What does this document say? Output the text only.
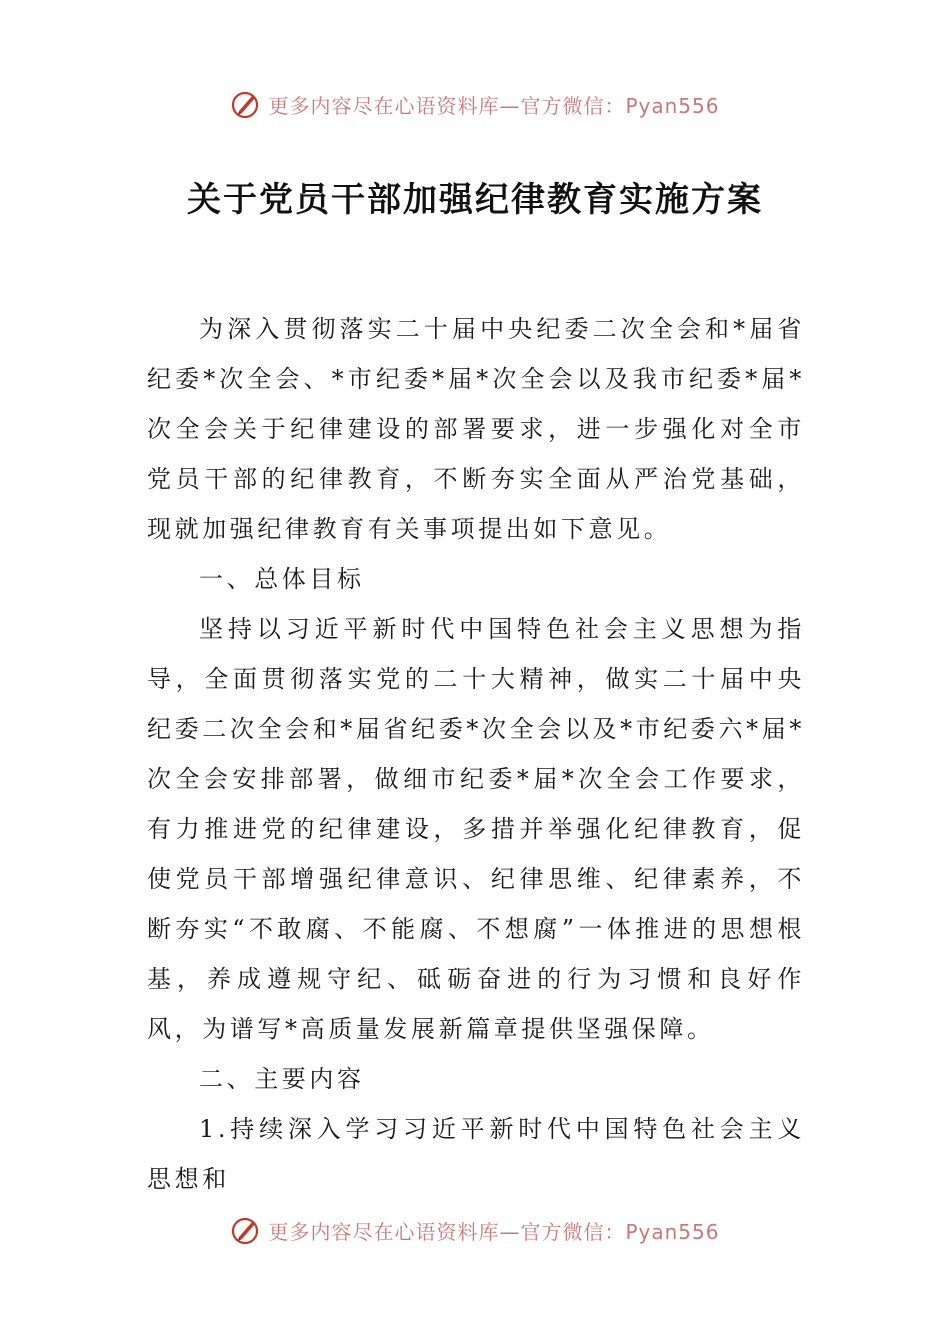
更多内容尽在心语资料库—官方微信：Pyan556
关于党员干部加强纪律教育实施方案

为深入贯彻落实二十届中央纪委二次全会和*届省纪委*次全会、*市纪委*届*次全会以及我市纪委*届*次全会关于纪律建设的部署要求，进一步强化对全市党员干部的纪律教育，不断夯实全面从严治党基础，现就加强纪律教育有关事项提出如下意见。

一、总体目标

坚持以习近平新时代中国特色社会主义思想为指导，全面贯彻落实党的二十大精神，做实二十届中央纪委二次全会和*届省纪委*次全会以及*市纪委六*届*次全会安排部署，做细市纪委*届*次全会工作要求，有力推进党的纪律建设，多措并举强化纪律教育，促使党员干部增强纪律意识、纪律思维、纪律素养，不断夯实“不敢腐、不能腐、不想腐”一体推进的思想根基，养成遵规守纪、砥砺奋进的行为习惯和良好作风，为谱写*高质量发展新篇章提供坚强保障。

二、主要内容

1.持续深入学习习近平新时代中国特色社会主义思想和

更多内容尽在心语资料库—官方微信：Pyan556
